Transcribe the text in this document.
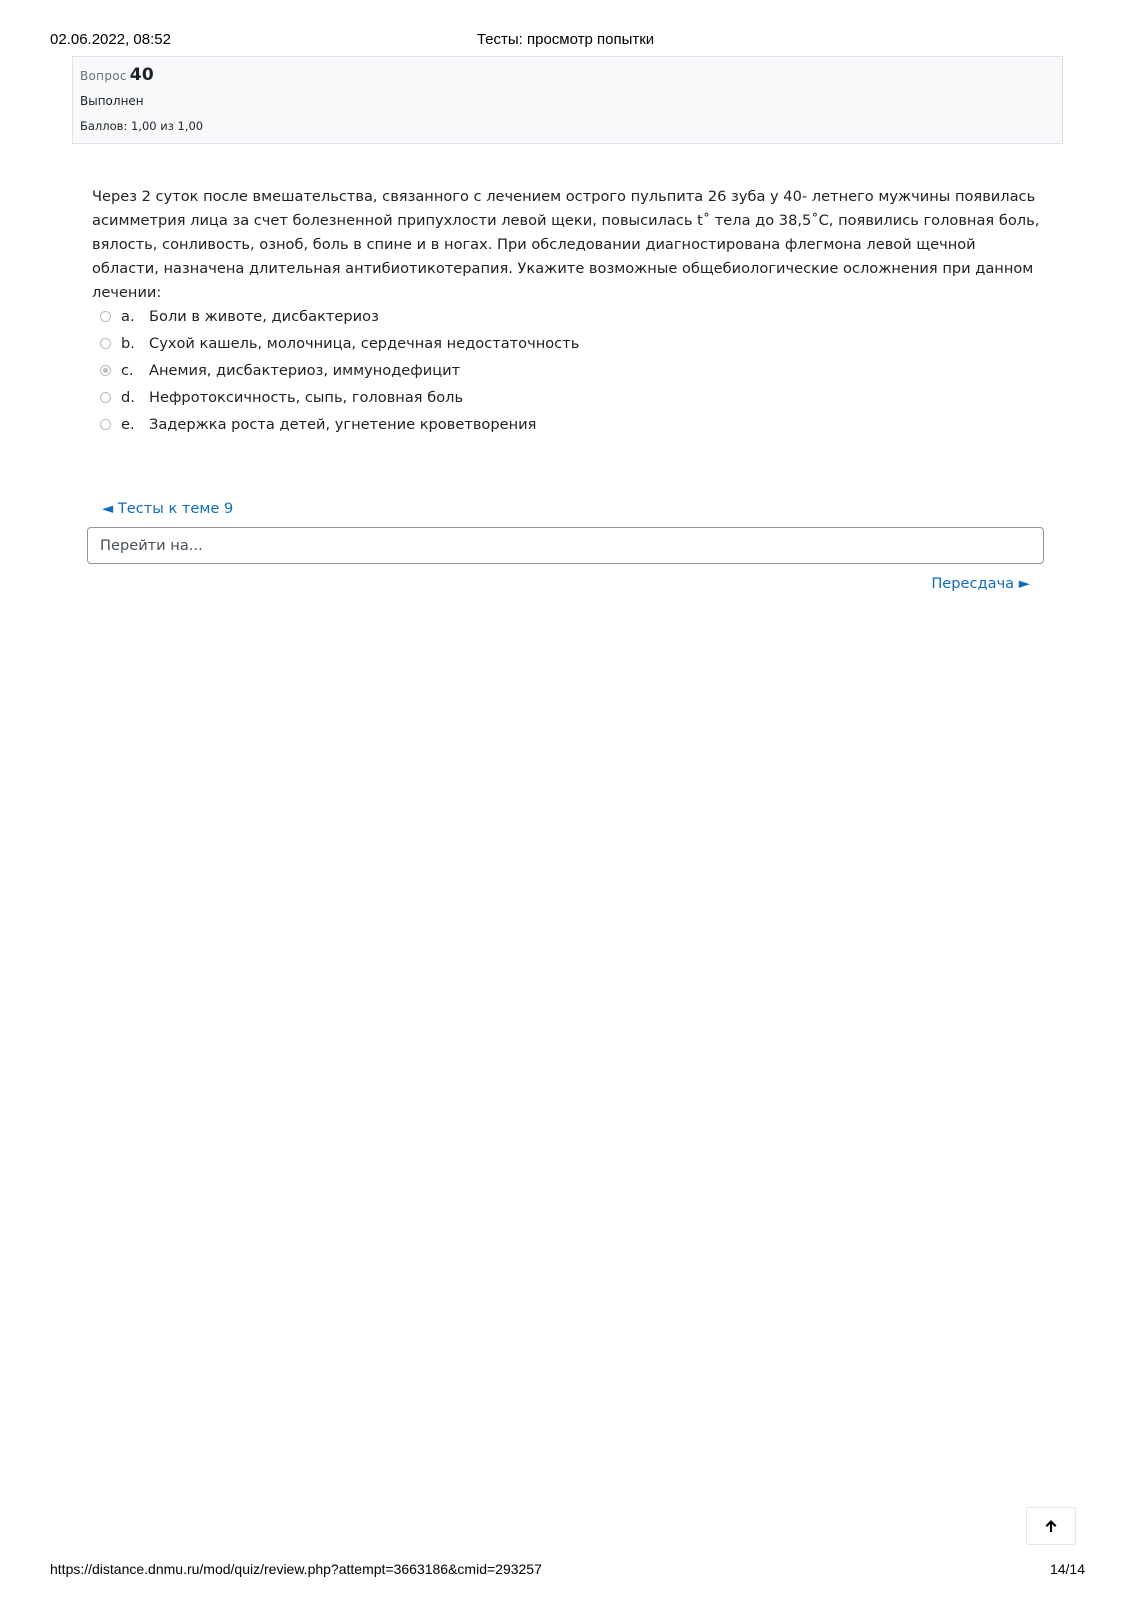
02.06.2022, 08:52	Тесты: просмотр попытки
Вопрос 40
Выполнен
Баллов: 1,00 из 1,00
Через 2 суток после вмешательства, связанного с лечением острого пульпита 26 зуба у 40- летнего мужчины появилась асимметрия лица за счет болезненной припухлости левой щеки, повысилась t˚ тела до 38,5˚С, появились головная боль, вялость, сонливость, озноб, боль в спине и в ногах. При обследовании диагностирована флегмона левой щечной области, назначена длительная антибиотикотерапия. Укажите возможные общебиологические осложнения при данном лечении:
a. Боли в животе, дисбактериоз
b. Сухой кашель, молочница, сердечная недостаточность
c.	Анемия, дисбактериоз, иммунодефицит
d. Нефротоксичность, сыпь, головная боль
e. Задержка роста детей, угнетение кроветворения
◄ Тесты к теме 9
Перейти на...
Пересдача ►
https://distance.dnmu.ru/mod/quiz/review.php?attempt=3663186&cmid=293257	14/14
